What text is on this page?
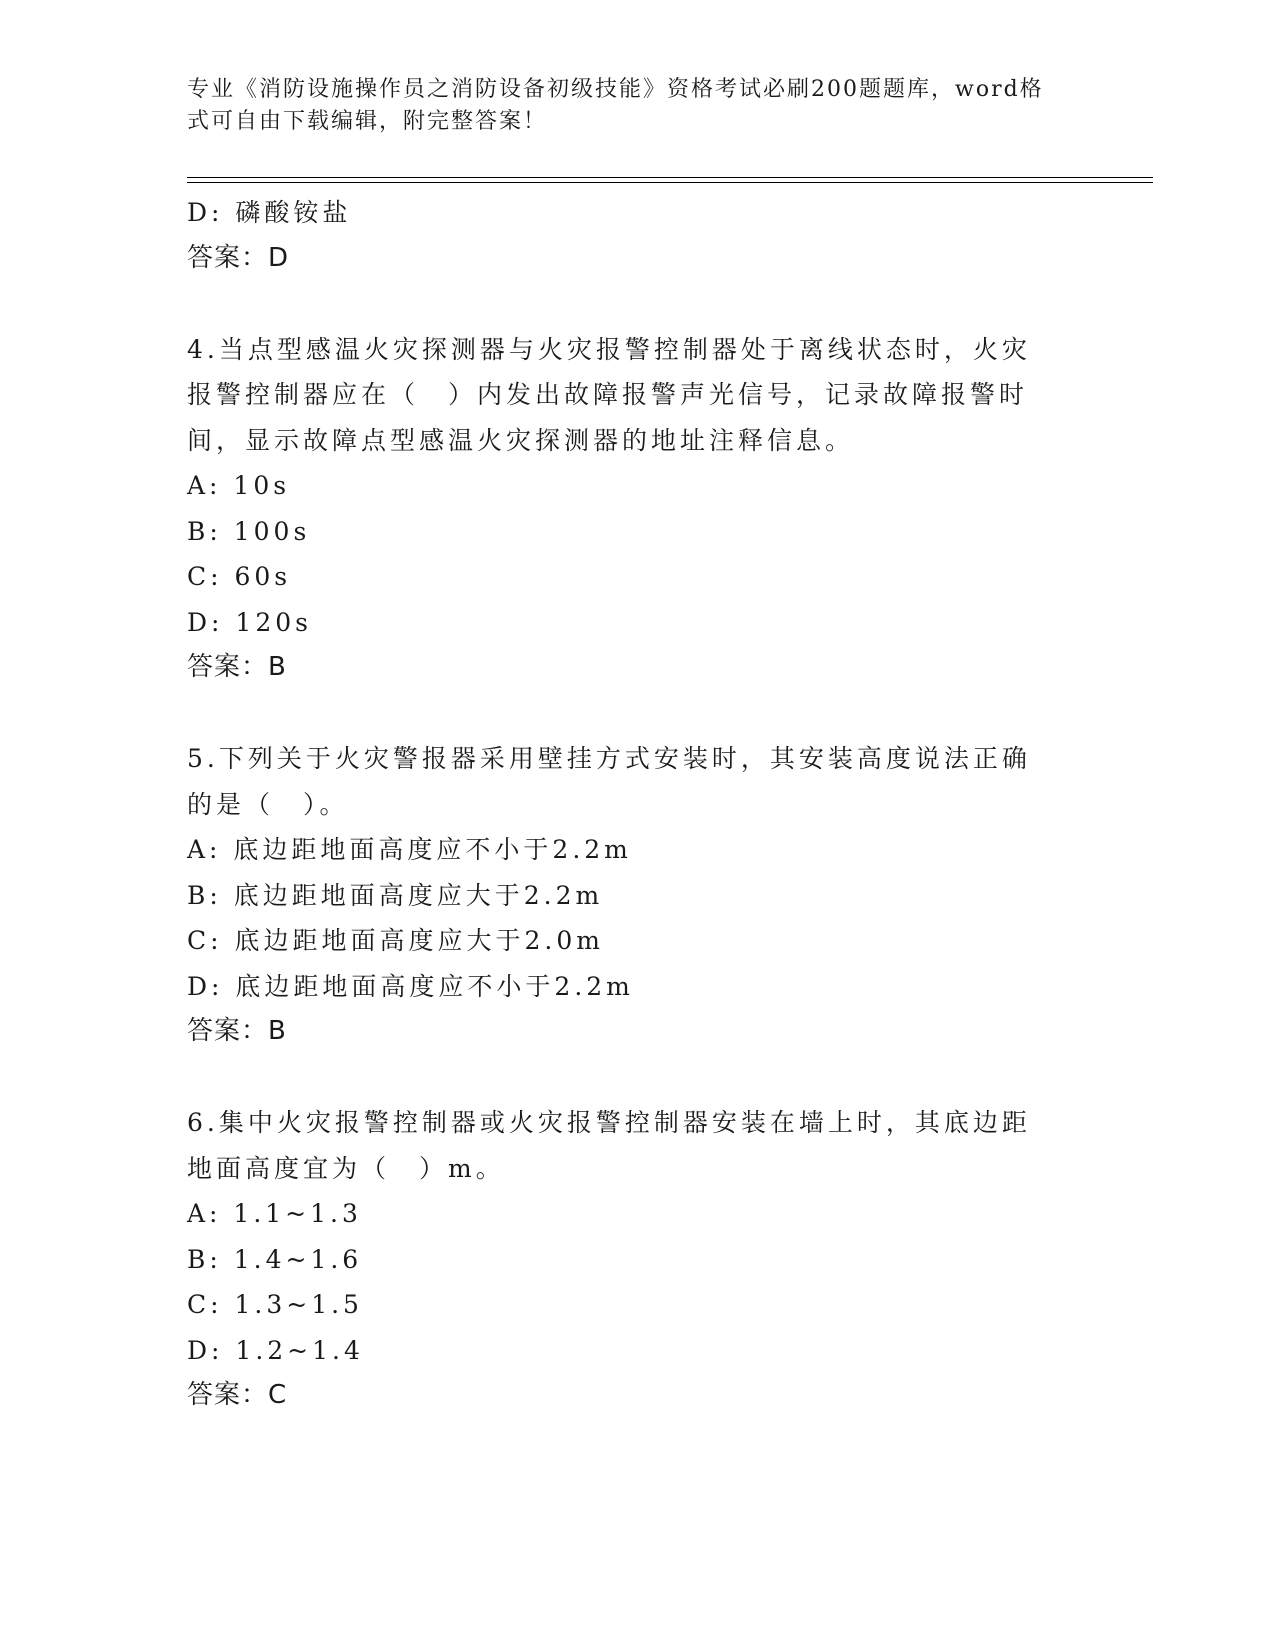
专业《消防设施操作员之消防设备初级技能》资格考试必刷200题题库，word格式可自由下载编辑，附完整答案！
D: 磷酸铵盐
答案：D
4.当点型感温火灾探测器与火灾报警控制器处于离线状态时，火灾报警控制器应在（　）内发出故障报警声光信号，记录故障报警时间，显示故障点型感温火灾探测器的地址注释信息。
A: 10s
B: 100s
C: 60s
D: 120s
答案：B
5.下列关于火灾警报器采用壁挂方式安装时，其安装高度说法正确的是（　）。
A: 底边距地面高度应不小于2.2m
B: 底边距地面高度应大于2.2m
C: 底边距地面高度应大于2.0m
D: 底边距地面高度应不小于2.2m
答案：B
6.集中火灾报警控制器或火灾报警控制器安装在墙上时，其底边距地面高度宜为（　）m。
A: 1.1~1.3
B: 1.4~1.6
C: 1.3~1.5
D: 1.2~1.4
答案：C
